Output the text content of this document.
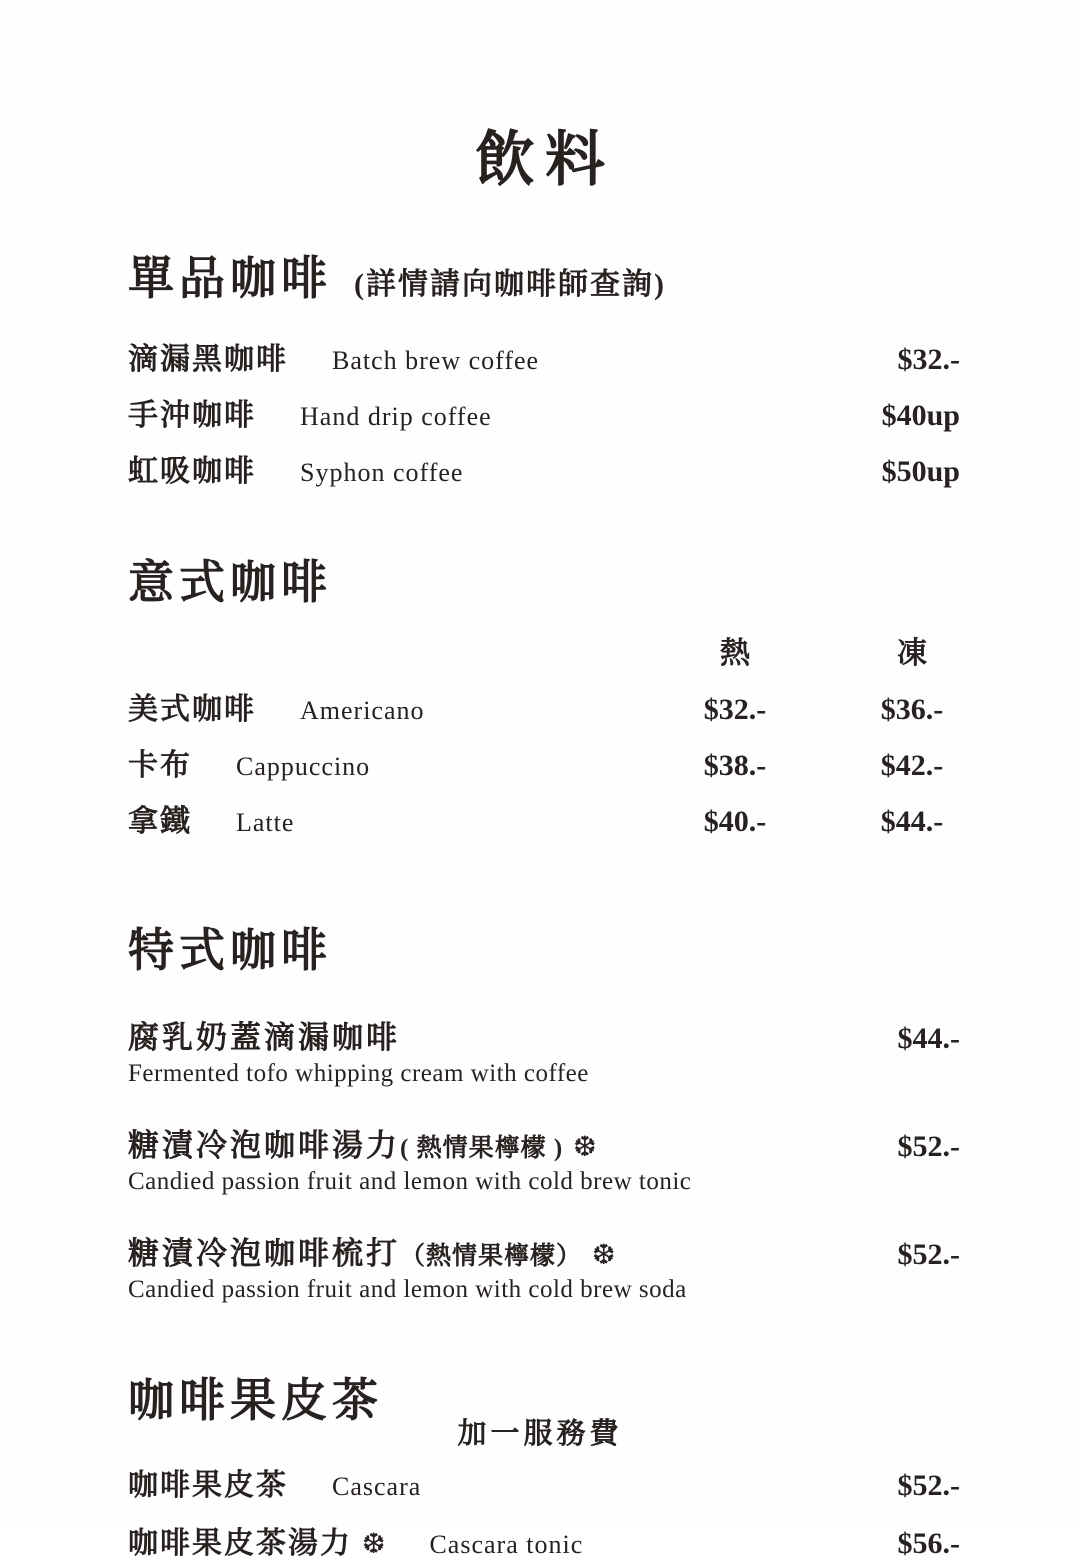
飲料
單品咖啡 (詳情請向咖啡師查詢)
滴漏黑咖啡 Batch brew coffee	$32.-
手沖咖啡 Hand drip coffee	$40up
虹吸咖啡 Syphon coffee	$50up
意式咖啡
熱	凍
美式咖啡 Americano	$32.-	$36.-
卡布 Cappuccino	$38.-	$42.-
拿鐵 Latte	$40.-	$44.-
特式咖啡
腐乳奶蓋滴漏咖啡	$44.-
Fermented tofo whipping cream with coffee
糖漬冷泡咖啡湯力 ( 熱情果檸檬 ) ❆	$52.-
Candied passion fruit and lemon with cold brew tonic
糖漬冷泡咖啡梳打 （熱情果檸檬） ❆	$52.-
Candied passion fruit and lemon with cold brew soda
咖啡果皮茶
咖啡果皮茶 Cascara	$52.-
咖啡果皮茶湯力 ❆ Cascara tonic	$56.-
加一服務費
